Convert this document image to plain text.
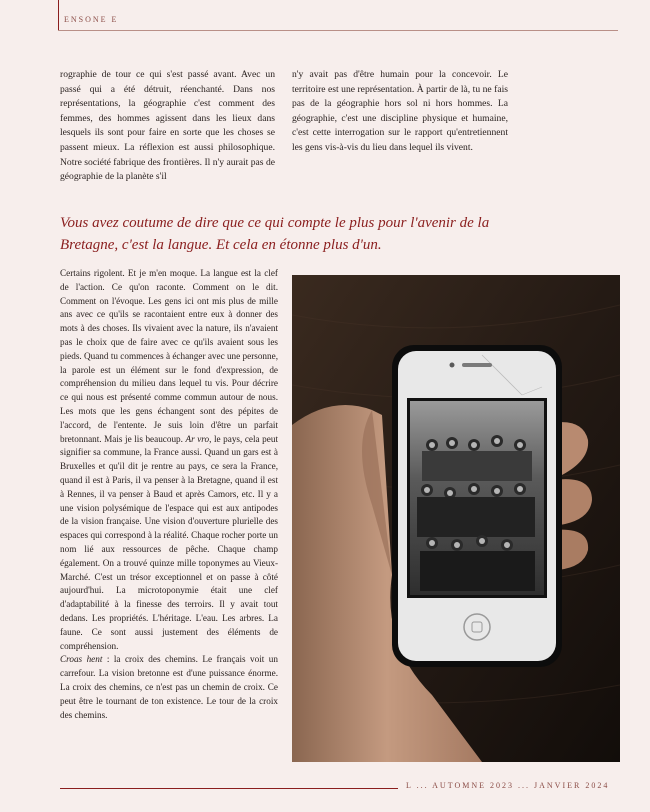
ENSONE E

rographie de tour ce qui s'est passé avant. Avec un passé qui a été détruit, réenchanté. Dans nos représentations, la géographie c'est comment des femmes, des hommes agissent dans les lieux dans lesquels ils sont pour faire en sorte que les choses se passent mieux. La réflexion est aussi philosophique. Notre société fabrique des frontières. Il n'y aurait pas de géographie de la planète s'il

n'y avait pas d'être humain pour la concevoir. Le territoire est une représentation. À partir de là, tu ne fais pas de la géographie hors sol ni hors hommes. La géographie, c'est une discipline physique et humaine, c'est cette interrogation sur le rapport qu'entretiennent les gens vis-à-vis du lieu dans lequel ils vivent.

Vous avez coutume de dire que ce qui compte le plus pour l'avenir de la Bretagne, c'est la langue. Et cela en étonne plus d'un.

Certains rigolent. Et je m'en moque. La langue est la clef de l'action. Ce qu'on raconte. Comment on le dit. Comment on l'évoque. Les gens ici ont mis plus de mille ans avec ce qu'ils se racontaient entre eux à donner des mots à des choses. Ils vivaient avec la nature, ils n'avaient pas le choix que de faire avec ce qu'ils avaient sous les pieds. Quand tu commences à échanger avec une personne, la parole est un élément sur le fond d'expression, de compréhension du milieu dans lequel tu vis. Pour décrire ce qui nous est présenté comme commun autour de nous. Les mots que les gens échangent sont des pépites de l'accord, de l'entente. Je suis loin d'être un parfait bretonnant. Mais je lis beaucoup. Ar vro, le pays, cela peut signifier sa commune, la France aussi. Quand un gars est à Bruxelles et qu'il dit je rentre au pays, ce sera la France, quand il est à Paris, il va penser à la Bretagne, quand il est à Rennes, il va penser à Baud et après Camors, etc. Il y a une vision polysémique de l'espace qui est aux antipodes de la vision française. Une vision d'ouverture plurielle des espaces qui correspond à la réalité. Chaque rocher porte un nom lié aux ressources de pêche. Chaque champ également. On a trouvé quinze mille toponymes au Vieux-Marché. C'est un trésor exceptionnel et on passe à côté aujourd'hui. La microtoponymie était une clef d'adaptabilité à la finesse des terroirs. Il y avait tout dedans. Les propriétés. L'héritage. L'eau. Les arbres. La faune. Ce sont aussi justement des éléments de compréhension.

Croas hent : la croix des chemins. Le français voit un carrefour. La vision bretonne est d'une puissance énorme. La croix des chemins, ce n'est pas un chemin de croix. Ce peut être le tournant de ton existence. Le tour de la croix des chemins.

L ... AUTOMNE 2023 ... JANVIER 2024
